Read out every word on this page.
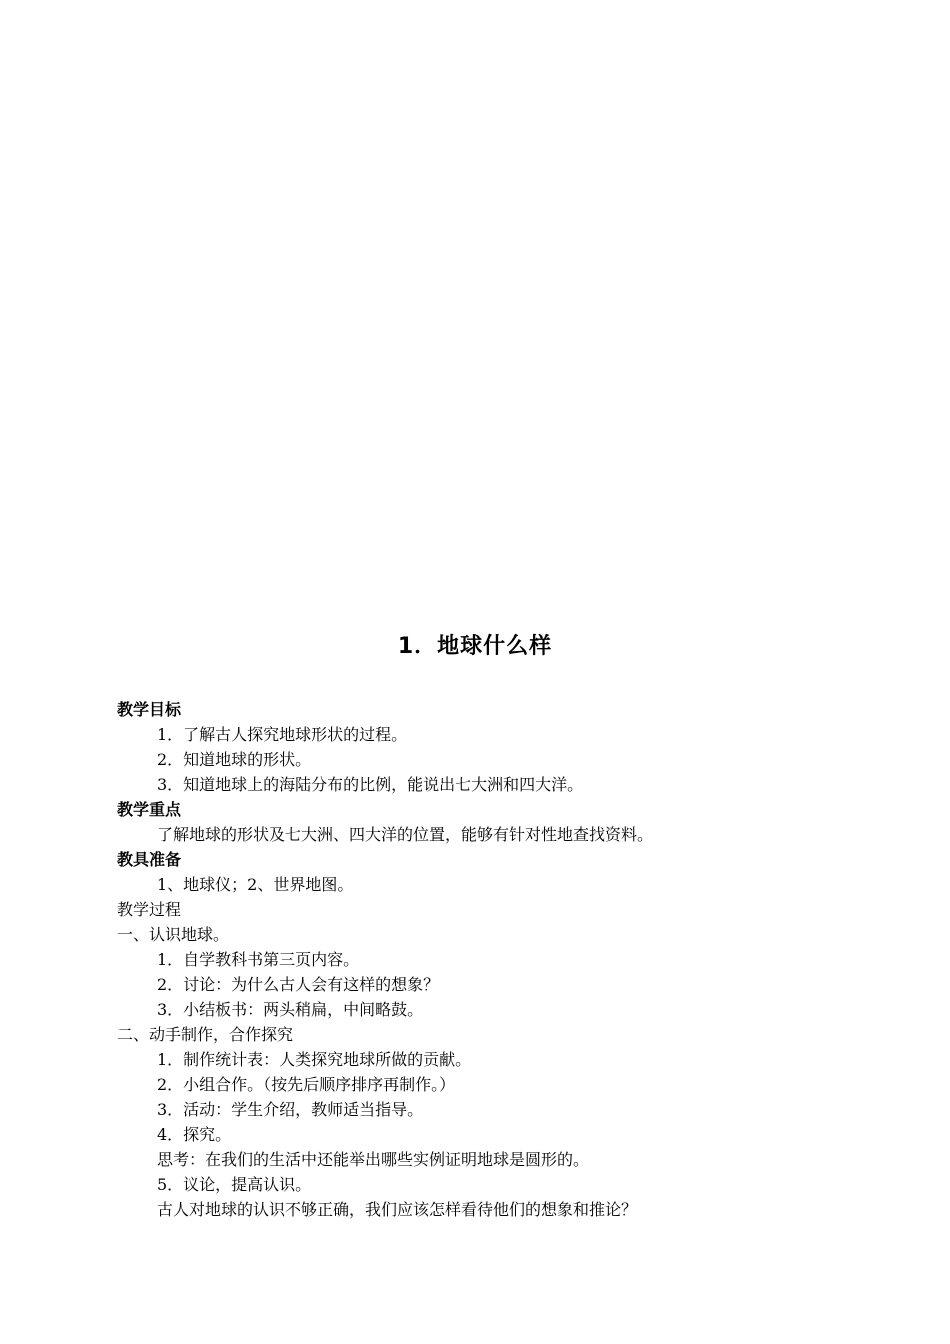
1．地球什么样
教学目标
1．了解古人探究地球形状的过程。
2．知道地球的形状。
3．知道地球上的海陆分布的比例，能说出七大洲和四大洋。
教学重点
了解地球的形状及七大洲、四大洋的位置，能够有针对性地查找资料。
教具准备
1、地球仪；2、世界地图。
教学过程
一、认识地球。
1．自学教科书第三页内容。
2．讨论：为什么古人会有这样的想象？
3．小结板书：两头稍扁，中间略鼓。
二、动手制作，合作探究
1．制作统计表：人类探究地球所做的贡献。
2．小组合作。（按先后顺序排序再制作。）
3．活动：学生介绍，教师适当指导。
4．探究。
思考：在我们的生活中还能举出哪些实例证明地球是圆形的。
5．议论，提高认识。
古人对地球的认识不够正确，我们应该怎样看待他们的想象和推论？
